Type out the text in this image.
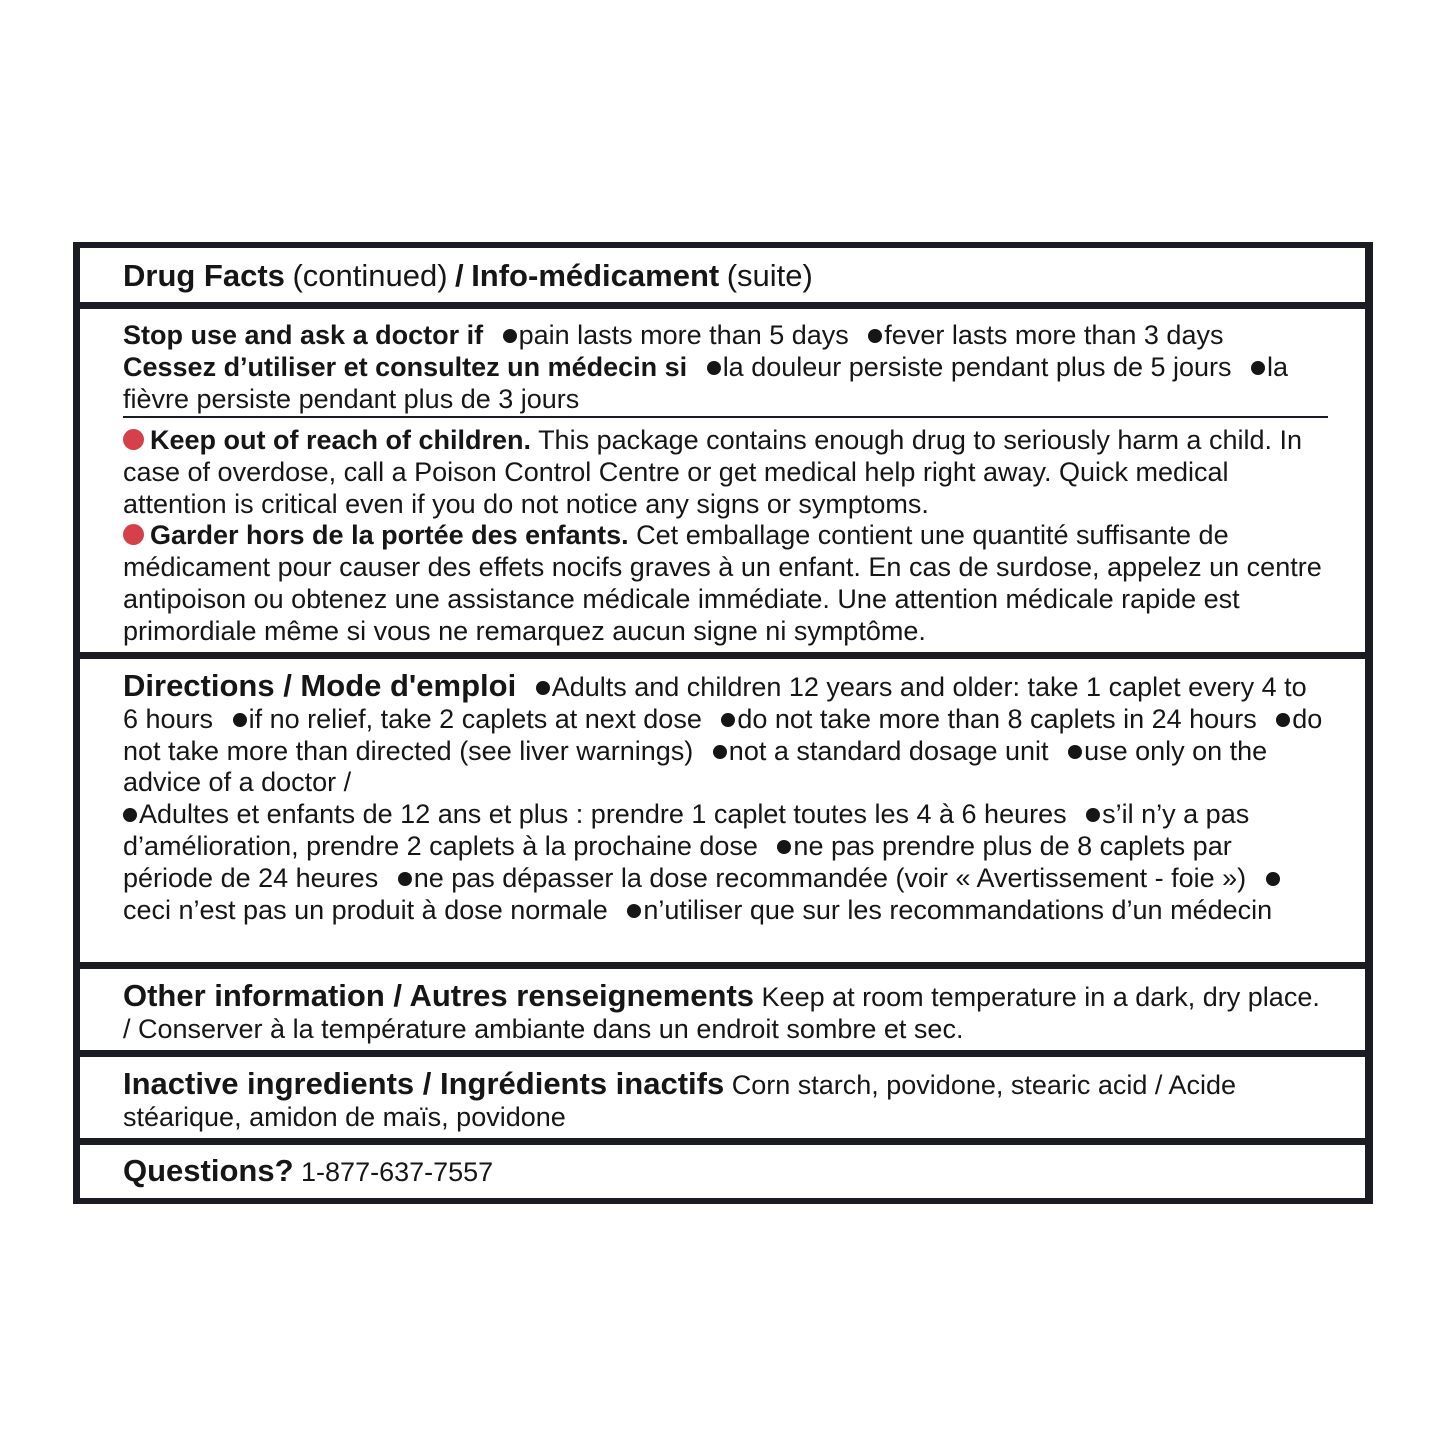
Drug Facts (continued) / Info-médicament (suite)
Stop use and ask a doctor if pain lasts more than 5 days fever lasts more than 3 days
Cessez d’utiliser et consultez un médecin si la douleur persiste pendant plus de 5 jours la fièvre persiste pendant plus de 3 jours
Keep out of reach of children. This package contains enough drug to seriously harm a child. In case of overdose, call a Poison Control Centre or get medical help right away. Quick medical attention is critical even if you do not notice any signs or symptoms.
Garder hors de la portée des enfants. Cet emballage contient une quantité suffisante de médicament pour causer des effets nocifs graves à un enfant. En cas de surdose, appelez un centre antipoison ou obtenez une assistance médicale immédiate. Une attention médicale rapide est primordiale même si vous ne remarquez aucun signe ni symptôme.
Directions / Mode d'emploi Adults and children 12 years and older: take 1 caplet every 4 to 6 hours if no relief, take 2 caplets at next dose do not take more than 8 caplets in 24 hours do not take more than directed (see liver warnings) not a standard dosage unit use only on the advice of a doctor /
Adultes et enfants de 12 ans et plus : prendre 1 caplet toutes les 4 à 6 heures s’il n’y a pas d’amélioration, prendre 2 caplets à la prochaine dose ne pas prendre plus de 8 caplets par période de 24 heures ne pas dépasser la dose recommandée (voir « Avertissement - foie ») ceci n’est pas un produit à dose normale n’utiliser que sur les recommandations d’un médecin
Other information / Autres renseignements Keep at room temperature in a dark, dry place. / Conserver à la température ambiante dans un endroit sombre et sec.
Inactive ingredients / Ingrédients inactifs Corn starch, povidone, stearic acid / Acide stéarique, amidon de maïs, povidone
Questions? 1-877-637-7557
